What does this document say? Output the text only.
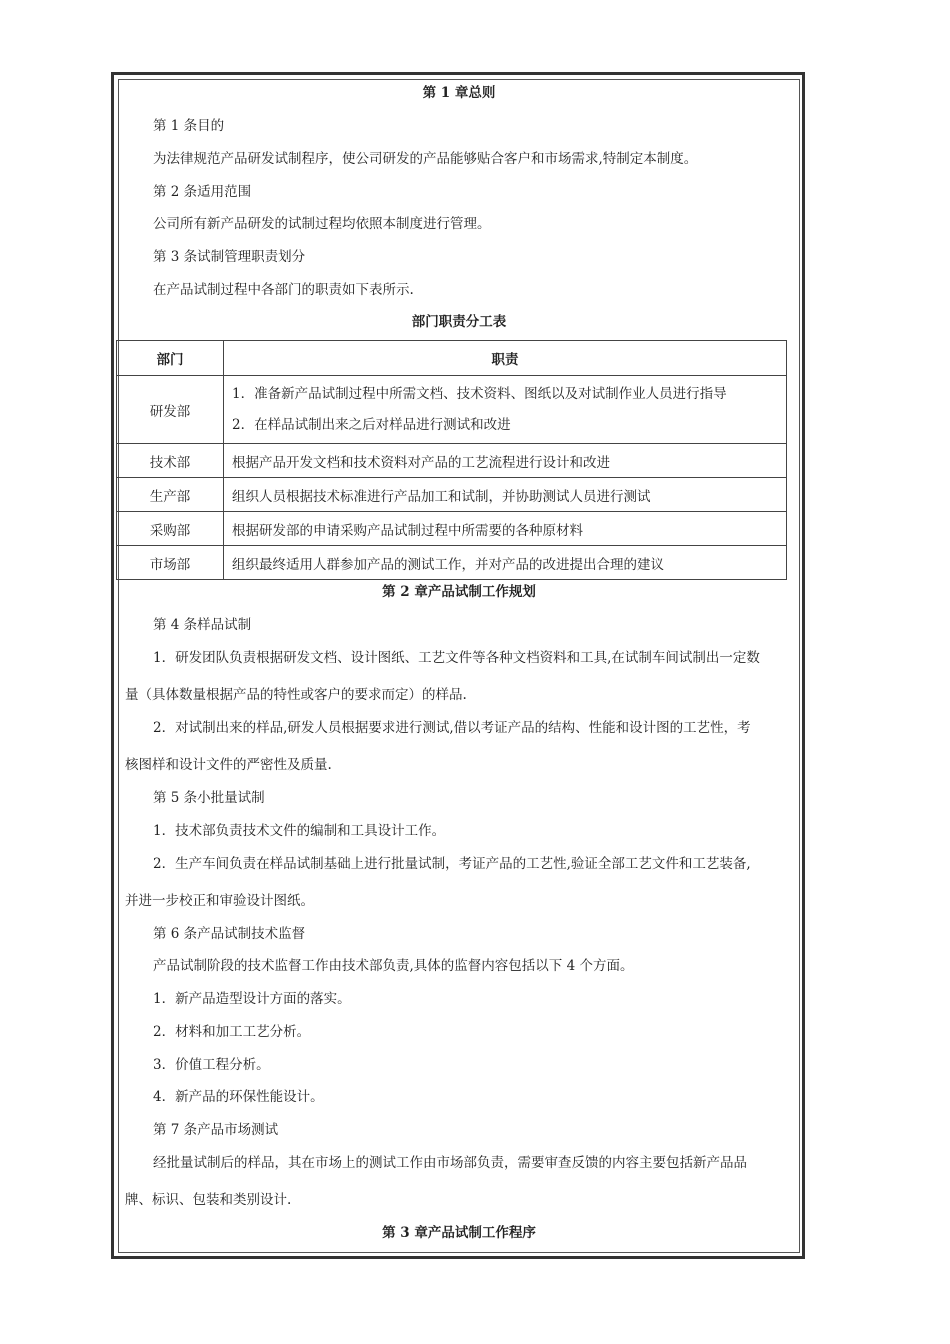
第 1 章总则
第 1 条目的
为法律规范产品研发试制程序，使公司研发的产品能够贴合客户和市场需求,特制定本制度。
第 2 条适用范围
公司所有新产品研发的试制过程均依照本制度进行管理。
第 3 条试制管理职责划分
在产品试制过程中各部门的职责如下表所示.
部门职责分工表
部门	职责
研发部	1．准备新产品试制过程中所需文档、技术资料、图纸以及对试制作业人员进行指导
2．在样品试制出来之后对样品进行测试和改进

技术部	根据产品开发文档和技术资料对产品的工艺流程进行设计和改进
生产部	组织人员根据技术标准进行产品加工和试制，并协助测试人员进行测试
采购部	根据研发部的申请采购产品试制过程中所需要的各种原材料
市场部	组织最终适用人群参加产品的测试工作，并对产品的改进提出合理的建议
第 2 章产品试制工作规划
第 4 条样品试制
1．研发团队负责根据研发文档、设计图纸、工艺文件等各种文档资料和工具,在试制车间试制出一定数
量（具体数量根据产品的特性或客户的要求而定）的样品.
2．对试制出来的样品,研发人员根据要求进行测试,借以考证产品的结构、性能和设计图的工艺性，考
核图样和设计文件的严密性及质量.
第 5 条小批量试制
1．技术部负责技术文件的编制和工具设计工作。
2．生产车间负责在样品试制基础上进行批量试制，考证产品的工艺性,验证全部工艺文件和工艺装备,
并进一步校正和审验设计图纸。
第 6 条产品试制技术监督
产品试制阶段的技术监督工作由技术部负责,具体的监督内容包括以下 4 个方面。
1．新产品造型设计方面的落实。
2．材料和加工工艺分析。
3．价值工程分析。
4．新产品的环保性能设计。
第 7 条产品市场测试
经批量试制后的样品，其在市场上的测试工作由市场部负责，需要审查反馈的内容主要包括新产品品
牌、标识、包装和类别设计.
第 3 章产品试制工作程序
